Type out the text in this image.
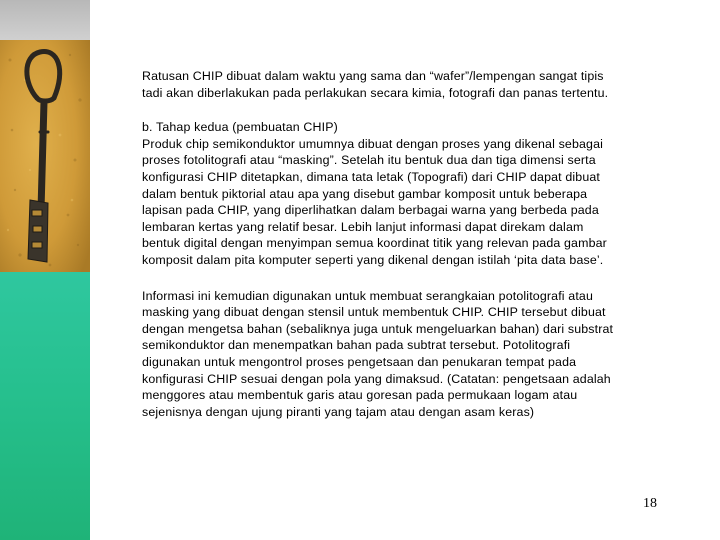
Ratusan CHIP dibuat dalam waktu yang sama dan “wafer”/lempengan sangat tipis
tadi akan diberlakukan pada perlakukan secara kimia, fotografi dan panas tertentu.

b. Tahap kedua (pembuatan CHIP)
Produk chip semikonduktor umumnya dibuat dengan proses yang dikenal sebagai
proses fotolitografi atau “masking”. Setelah itu bentuk dua dan tiga dimensi serta
konfigurasi CHIP ditetapkan, dimana tata letak (Topografi) dari CHIP dapat dibuat
dalam bentuk piktorial atau apa yang disebut gambar komposit untuk beberapa
lapisan pada CHIP, yang diperlihatkan dalam berbagai warna yang berbeda pada
lembaran kertas yang relatif besar. Lebih lanjut informasi dapat direkam dalam
bentuk digital dengan menyimpan semua koordinat titik yang relevan pada gambar
komposit dalam pita komputer seperti yang dikenal dengan istilah ‘pita data base’.

Informasi ini kemudian digunakan untuk membuat serangkaian potolitografi atau
masking yang dibuat dengan stensil untuk membentuk CHIP. CHIP tersebut dibuat
dengan mengetsa bahan (sebaliknya juga untuk mengeluarkan bahan) dari substrat
semikonduktor dan menempatkan bahan pada subtrat tersebut. Potolitografi
digunakan untuk mengontrol proses pengetsaan dan penukaran tempat pada
konfigurasi CHIP sesuai dengan pola yang dimaksud. (Catatan: pengetsaan adalah
menggores atau membentuk garis atau goresan pada permukaan logam atau
sejenisnya dengan ujung piranti yang tajam atau dengan asam keras)

18
